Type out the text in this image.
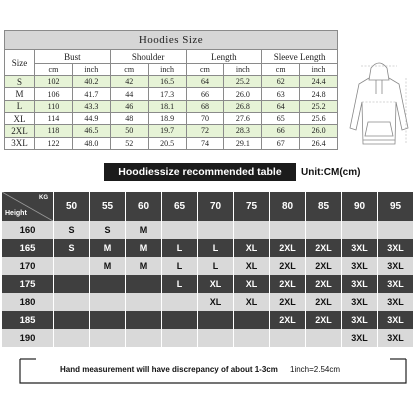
Hoodies Size								
Size	Bust		Shoulder		Length		Sleeve Length	
	cm	inch	cm	inch	cm	inch	cm	inch
S	102	40.2	42	16.5	64	25.2	62	24.4
M	106	41.7	44	17.3	66	26.0	63	24.8
L	110	43.3	46	18.1	68	26.8	64	25.2
XL	114	44.9	48	18.9	70	27.6	65	25.6
2XL	118	46.5	50	19.7	72	28.3	66	26.0
3XL	122	48.0	52	20.5	74	29.1	67	26.4
Hoodiessize recommended table	Unit:CM(cm)
KG
Height	50	55	60	65	70	75	80	85	90	95
160	S	S	M							
165	S	M	M	L	L	XL	2XL	2XL	3XL	3XL
170		M	M	L	L	XL	2XL	2XL	3XL	3XL
175				L	XL	XL	2XL	2XL	3XL	3XL
180					XL	XL	2XL	2XL	3XL	3XL
185							2XL	2XL	3XL	3XL
190									3XL	3XL
Hand measurement will have discrepancy of about 1-3cm 1inch=2.54cm
